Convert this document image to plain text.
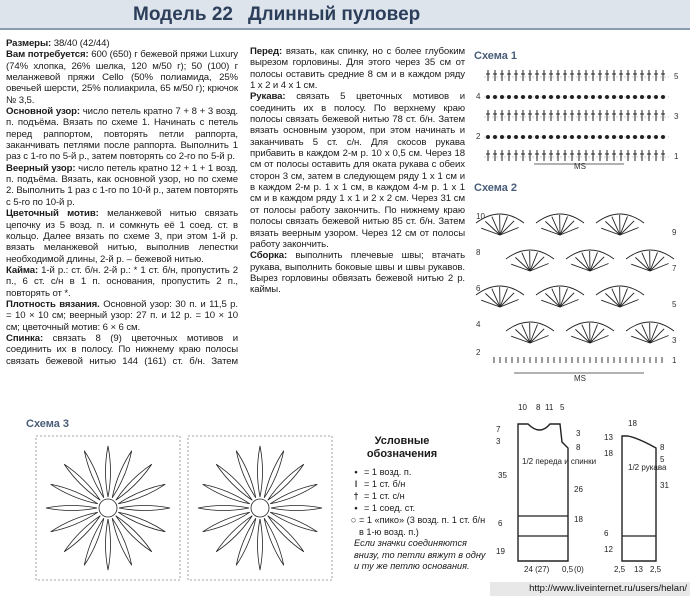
Модель 22 Длинный пуловер

Размеры: 38/40 (42/44)

Вам потребуется: 600 (650) г бежевой пряжи Luxury (74% хлопка, 26% шелка, 120 м/50 г); 50 (100) г меланжевой пряжи Cello (50% полиамида, 25% овечьей шерсти, 25% полиакрила, 65 м/50 г); крючок № 3,5.

Основной узор: число петель кратно 7 + 8 + 3 возд. п. подъёма. Вязать по схеме 1. Начинать с петель перед раппортом, повторять петли раппорта, заканчивать петлями после раппорта. Выполнить 1 раз с 1-го по 5-й р., затем повторять со 2-го по 5-й р.

Веерный узор: число петель кратно 12 + 1 + 1 возд. п. подъёма. Вязать, как основной узор, но по схеме 2. Выполнить 1 раз с 1-го по 10-й р., затем повторять с 5-го по 10-й р.

Цветочный мотив: меланжевой нитью связать цепочку из 5 возд. п. и сомкнуть её 1 соед. ст. в кольцо. Далее вязать по схеме 3, при этом 1-й р. вязать меланжевой нитью, выполнив лепестки необходимой длины, 2-й р. – бежевой нитью.

Кайма: 1-й р.: ст. б/н. 2-й р.: * 1 ст. б/н, пропустить 2 п., 6 ст. с/н в 1 п. основания, пропустить 2 п., повторять от *.

Плотность вязания. Основной узор: 30 п. и 11,5 р. = 10 × 10 см; веерный узор: 27 п. и 12 р. = 10 × 10 см; цветочный мотив: 6 × 6 см.

Спинка: связать 8 (9) цветочных мотивов и соединить их в полосу. По нижнему краю полосы связать бежевой нитью 144 (161) ст. б/н. Затем

Перед: вязать, как спинку, но с более глубоким вырезом горловины. Для этого через 35 см от полосы оставить средние 8 см и в каждом ряду 1 х 2 и 4 х 1 см.

Рукава: связать 5 цветочных мотивов и соединить их в полосу. По верхнему краю полосы связать бежевой нитью 78 ст. б/н. Затем вязать основным узором, при этом начинать и заканчивать 5 ст. с/н. Для скосов рукава прибавить в каждом 2-м р. 10 х 0,5 см. Через 18 см от полосы оставить для оката рукава с обеих сторон 3 см, затем в следующем ряду 1 х 1 см и в каждом 2-м р. 1 х 1 см, в каждом 4-м р. 1 х 1 см и в каждом ряду 1 х 1 и 2 х 2 см. Через 31 см от полосы работу закончить. По нижнему краю полосы связать бежевой нитью 85 ст. б/н. Затем вязать веерным узором. Через 12 см от полосы работу закончить.

Сборка: выполнить плечевые швы; втачать рукава, выполнить боковые швы и швы рукавов. Вырез горловины обвязать бежевой нитью 2 р. каймы.

Схема 1
5
3
1
4
2
MS
Схема 2
10
8
6
4
2
9
7
5
3
1
MS
Схема 3
Условные обозначения
• = 1 возд. п.
ǀ = 1 ст. б/н
† = 1 ст. с/н
• = 1 соед. ст.
○ = 1 «пико» (3 возд. п. 1 ст. б/н в 1-ю возд. п.)
Если значки соединяются внизу, то петли вяжут в одну и ту же петлю основания.
1/2 переда и спинки
10 8 11 5
7
3
35
3
8
26
18
6
19
24 (27) 0,5 (0)
1/2 рукава
18
8
5
31
13
18
6
12
2,5 13 2,5
http://www.liveinternet.ru/users/helan/
